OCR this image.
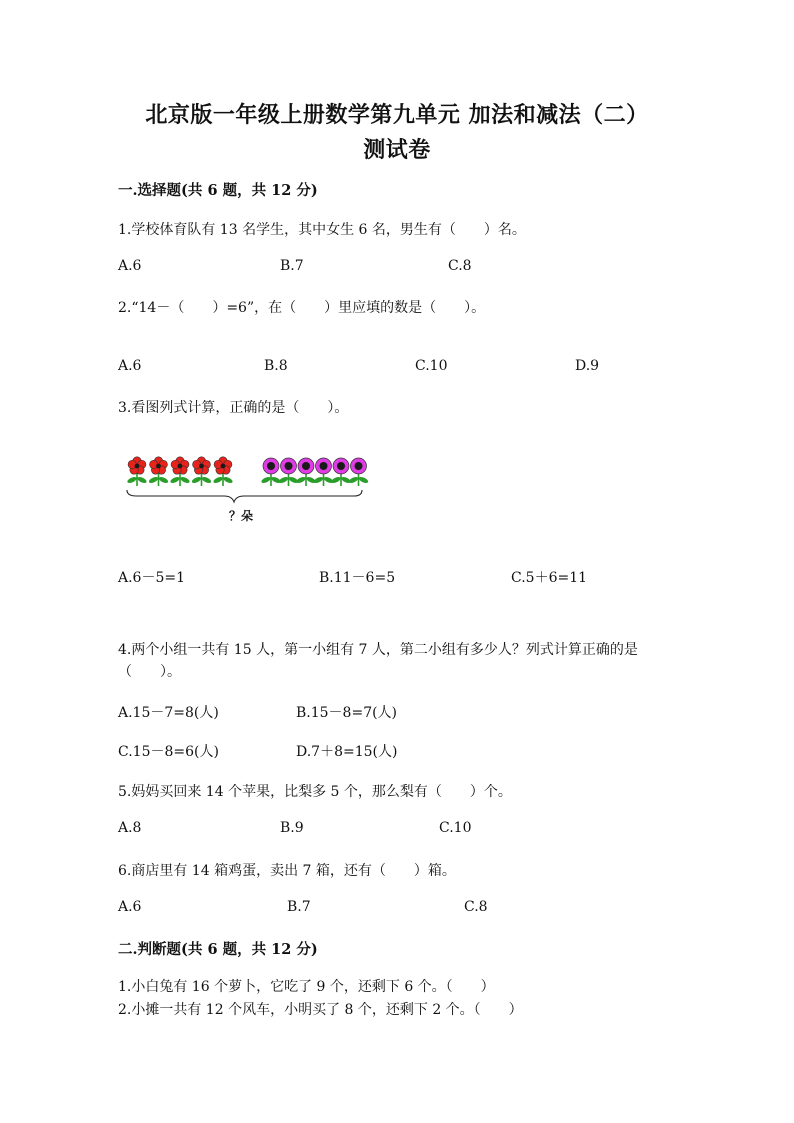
北京版一年级上册数学第九单元 加法和减法（二）
测试卷
一.选择题(共 6 题，共 12 分)
1.学校体育队有 13 名学生，其中女生 6 名，男生有（　　）名。
A.6	B.7	C.8
2.“14－（　　）=6”，在（　　）里应填的数是（　　）。
A.6	B.8	C.10	D.9
3.看图列式计算，正确的是（　　）。
？朵
A.6－5=1	B.11－6=5	C.5＋6=11
4.两个小组一共有 15 人，第一小组有 7 人，第二小组有多少人？列式计算正确的是（　　）。
A.15－7=8(人)	B.15－8=7(人)
C.15－8=6(人)	D.7＋8=15(人)
5.妈妈买回来 14 个苹果，比梨多 5 个，那么梨有（　　）个。
A.8	B.9	C.10
6.商店里有 14 箱鸡蛋，卖出 7 箱，还有（　　）箱。
A.6	B.7	C.8
二.判断题(共 6 题，共 12 分)
1.小白兔有 16 个萝卜，它吃了 9 个，还剩下 6 个。（　　）
2.小摊一共有 12 个风车，小明买了 8 个，还剩下 2 个。（　　）
